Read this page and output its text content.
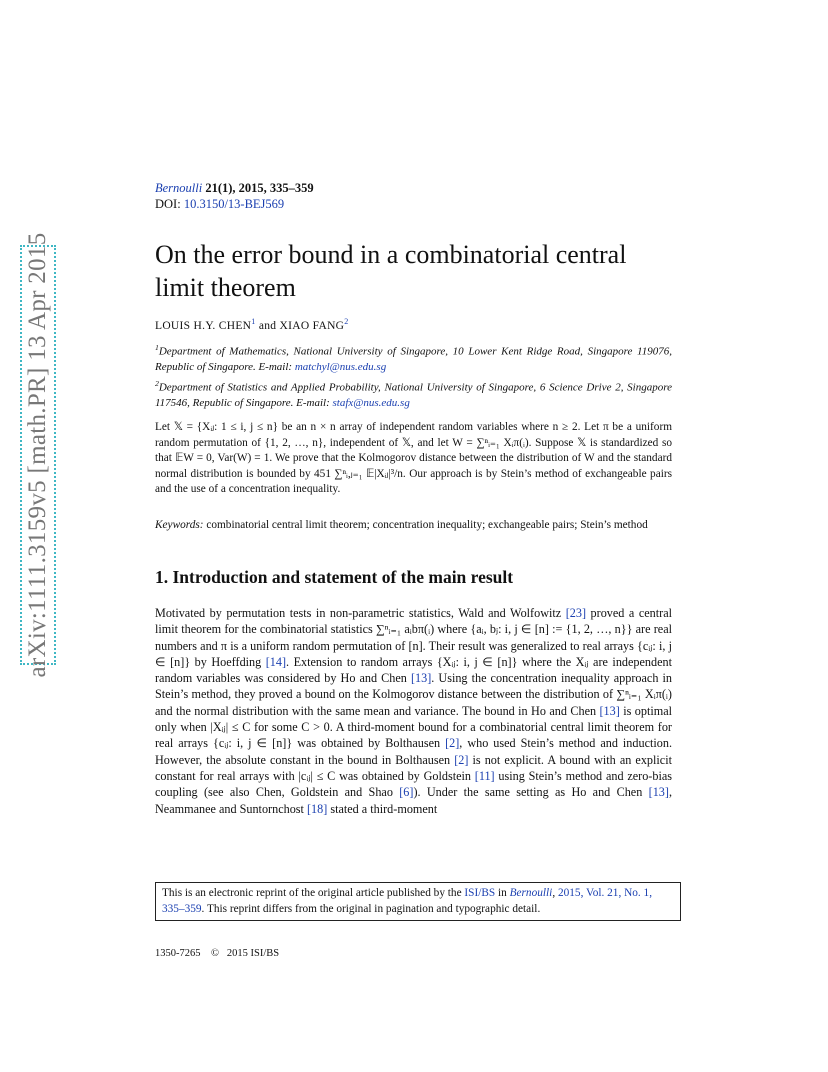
arXiv:1111.3159v5 [math.PR] 13 Apr 2015
Bernoulli 21(1), 2015, 335–359
DOI: 10.3150/13-BEJ569
On the error bound in a combinatorial central limit theorem
LOUIS H.Y. CHEN$^1$ and XIAO FANG$^2$

$^1$Department of Mathematics, National University of Singapore, 10 Lower Kent Ridge Road, Singapore 119076, Republic of Singapore. E-mail: matchyl@nus.edu.sg

$^2$Department of Statistics and Applied Probability, National University of Singapore, 6 Science Drive 2, Singapore 117546, Republic of Singapore. E-mail: stafx@nus.edu.sg

Let 𝕏 = {Xᵢⱼ: 1 ≤ i, j ≤ n} be an n × n array of independent random variables where n ≥ 2. Let π be a uniform random permutation of {1, 2, …, n}, independent of 𝕏, and let W = ∑ⁿᵢ₌₁ Xᵢπ(ᵢ). Suppose 𝕏 is standardized so that 𝔼W = 0, Var(W) = 1. We prove that the Kolmogorov distance between the distribution of W and the standard normal distribution is bounded by 451 ∑ⁿᵢ,ⱼ₌₁ 𝔼|Xᵢⱼ|³/n. Our approach is by Stein’s method of exchangeable pairs and the use of a concentration inequality.
Keywords: combinatorial central limit theorem; concentration inequality; exchangeable pairs; Stein’s method
1. Introduction and statement of the main result
Motivated by permutation tests in non-parametric statistics, Wald and Wolfowitz [23] proved a central limit theorem for the combinatorial statistics ∑ⁿᵢ₌₁ aᵢbπ(ᵢ) where {aᵢ, bⱼ: i, j ∈ [n] := {1, 2, …, n}} are real numbers and π is a uniform random permutation of [n]. Their result was generalized to real arrays {cᵢⱼ: i, j ∈ [n]} by Hoeffding [14]. Extension to random arrays {Xᵢⱼ: i, j ∈ [n]} where the Xᵢⱼ are independent random variables was considered by Ho and Chen [13]. Using the concentration inequality approach in Stein’s method, they proved a bound on the Kolmogorov distance between the distribution of ∑ⁿᵢ₌₁ Xᵢπ(ᵢ) and the normal distribution with the same mean and variance. The bound in Ho and Chen [13] is optimal only when |Xᵢⱼ| ≤ C for some C > 0. A third-moment bound for a combinatorial central limit theorem for real arrays {cᵢⱼ: i, j ∈ [n]} was obtained by Bolthausen [2], who used Stein’s method and induction. However, the absolute constant in the bound in Bolthausen [2] is not explicit. A bound with an explicit constant for real arrays with |cᵢⱼ| ≤ C was obtained by Goldstein [11] using Stein’s method and zero-bias coupling (see also Chen, Goldstein and Shao [6]). Under the same setting as Ho and Chen [13], Neammanee and Suntornchost [18] stated a third-moment
This is an electronic reprint of the original article published by the ISI/BS in Bernoulli, 2015, Vol. 21, No. 1, 335–359. This reprint differs from the original in pagination and typographic detail.
1350-7265 © 2015 ISI/BS
